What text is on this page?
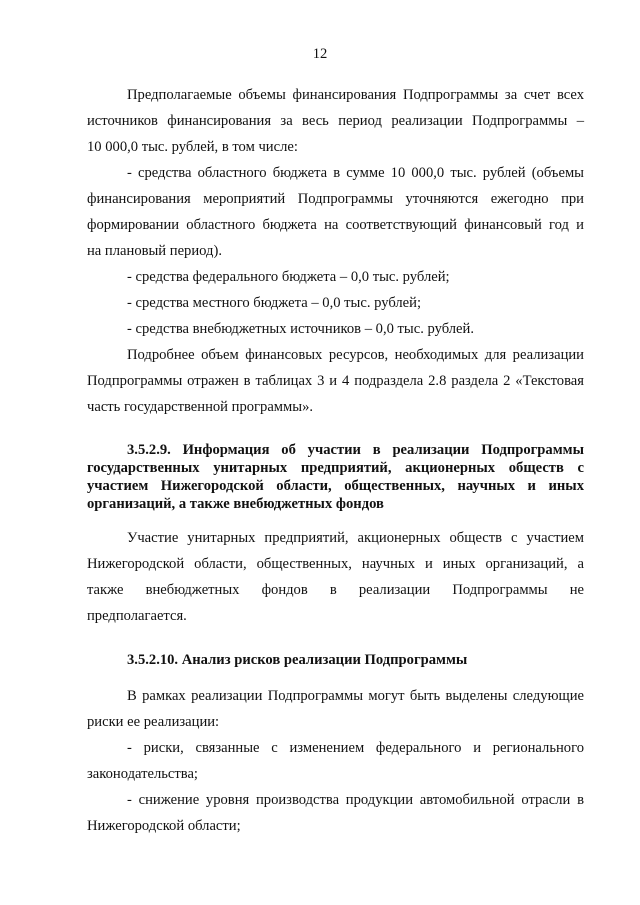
12
Предполагаемые объемы финансирования Подпрограммы за счет всех
источников финансирования за весь период реализации Подпрограммы –
10 000,0 тыс. рублей, в том числе:
- средства областного бюджета в сумме 10 000,0 тыс. рублей (объемы
финансирования мероприятий Подпрограммы уточняются ежегодно при
формировании областного бюджета на соответствующий финансовый год и
на плановый период).
- средства федерального бюджета – 0,0 тыс. рублей;
- средства местного бюджета – 0,0 тыс. рублей;
- средства внебюджетных источников – 0,0 тыс. рублей.
Подробнее объем финансовых ресурсов, необходимых для реализации
Подпрограммы отражен в таблицах 3 и 4 подраздела 2.8 раздела 2 «Текстовая
часть государственной программы».
3.5.2.9. Информация об участии в реализации Подпрограммы
государственных унитарных предприятий, акционерных обществ с
участием Нижегородской области, общественных, научных и иных
организаций, а также внебюджетных фондов
Участие унитарных предприятий, акционерных обществ с участием
Нижегородской области, общественных, научных и иных организаций, а
также внебюджетных фондов в реализации Подпрограммы не
предполагается.
3.5.2.10. Анализ рисков реализации Подпрограммы
В рамках реализации Подпрограммы могут быть выделены следующие
риски ее реализации:
- риски, связанные с изменением федерального и регионального
законодательства;
- снижение уровня производства продукции автомобильной отрасли в
Нижегородской области;
